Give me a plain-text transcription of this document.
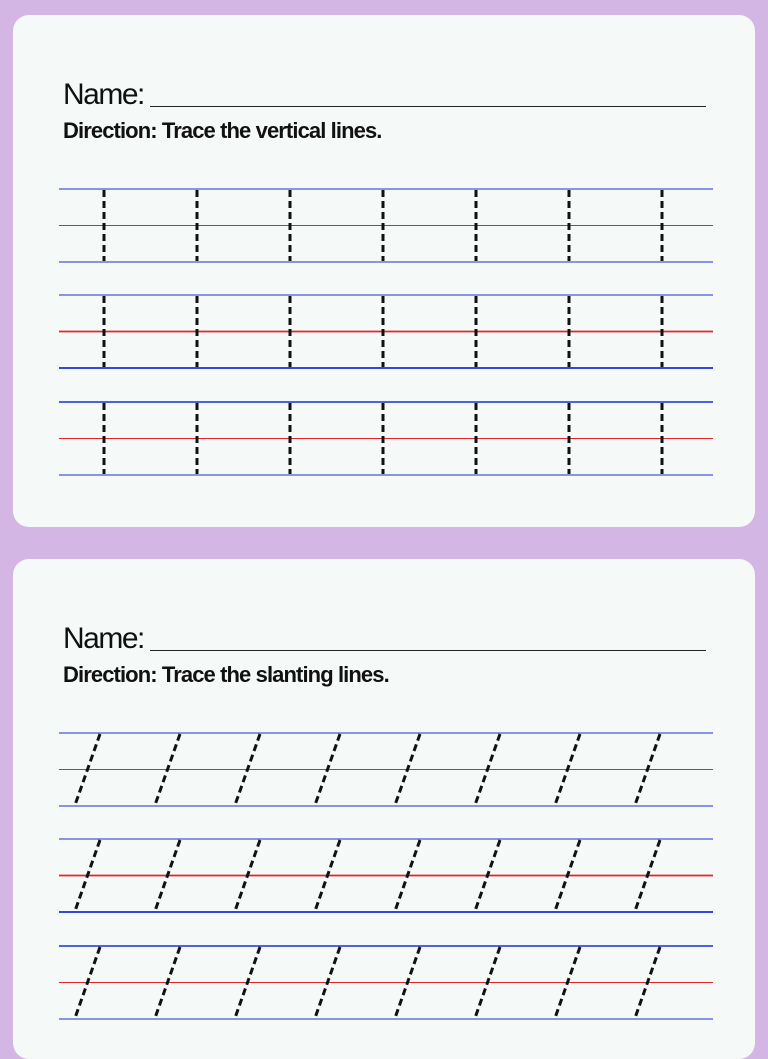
Name:
Direction: Trace the vertical lines.
Name:
Direction: Trace the slanting lines.
